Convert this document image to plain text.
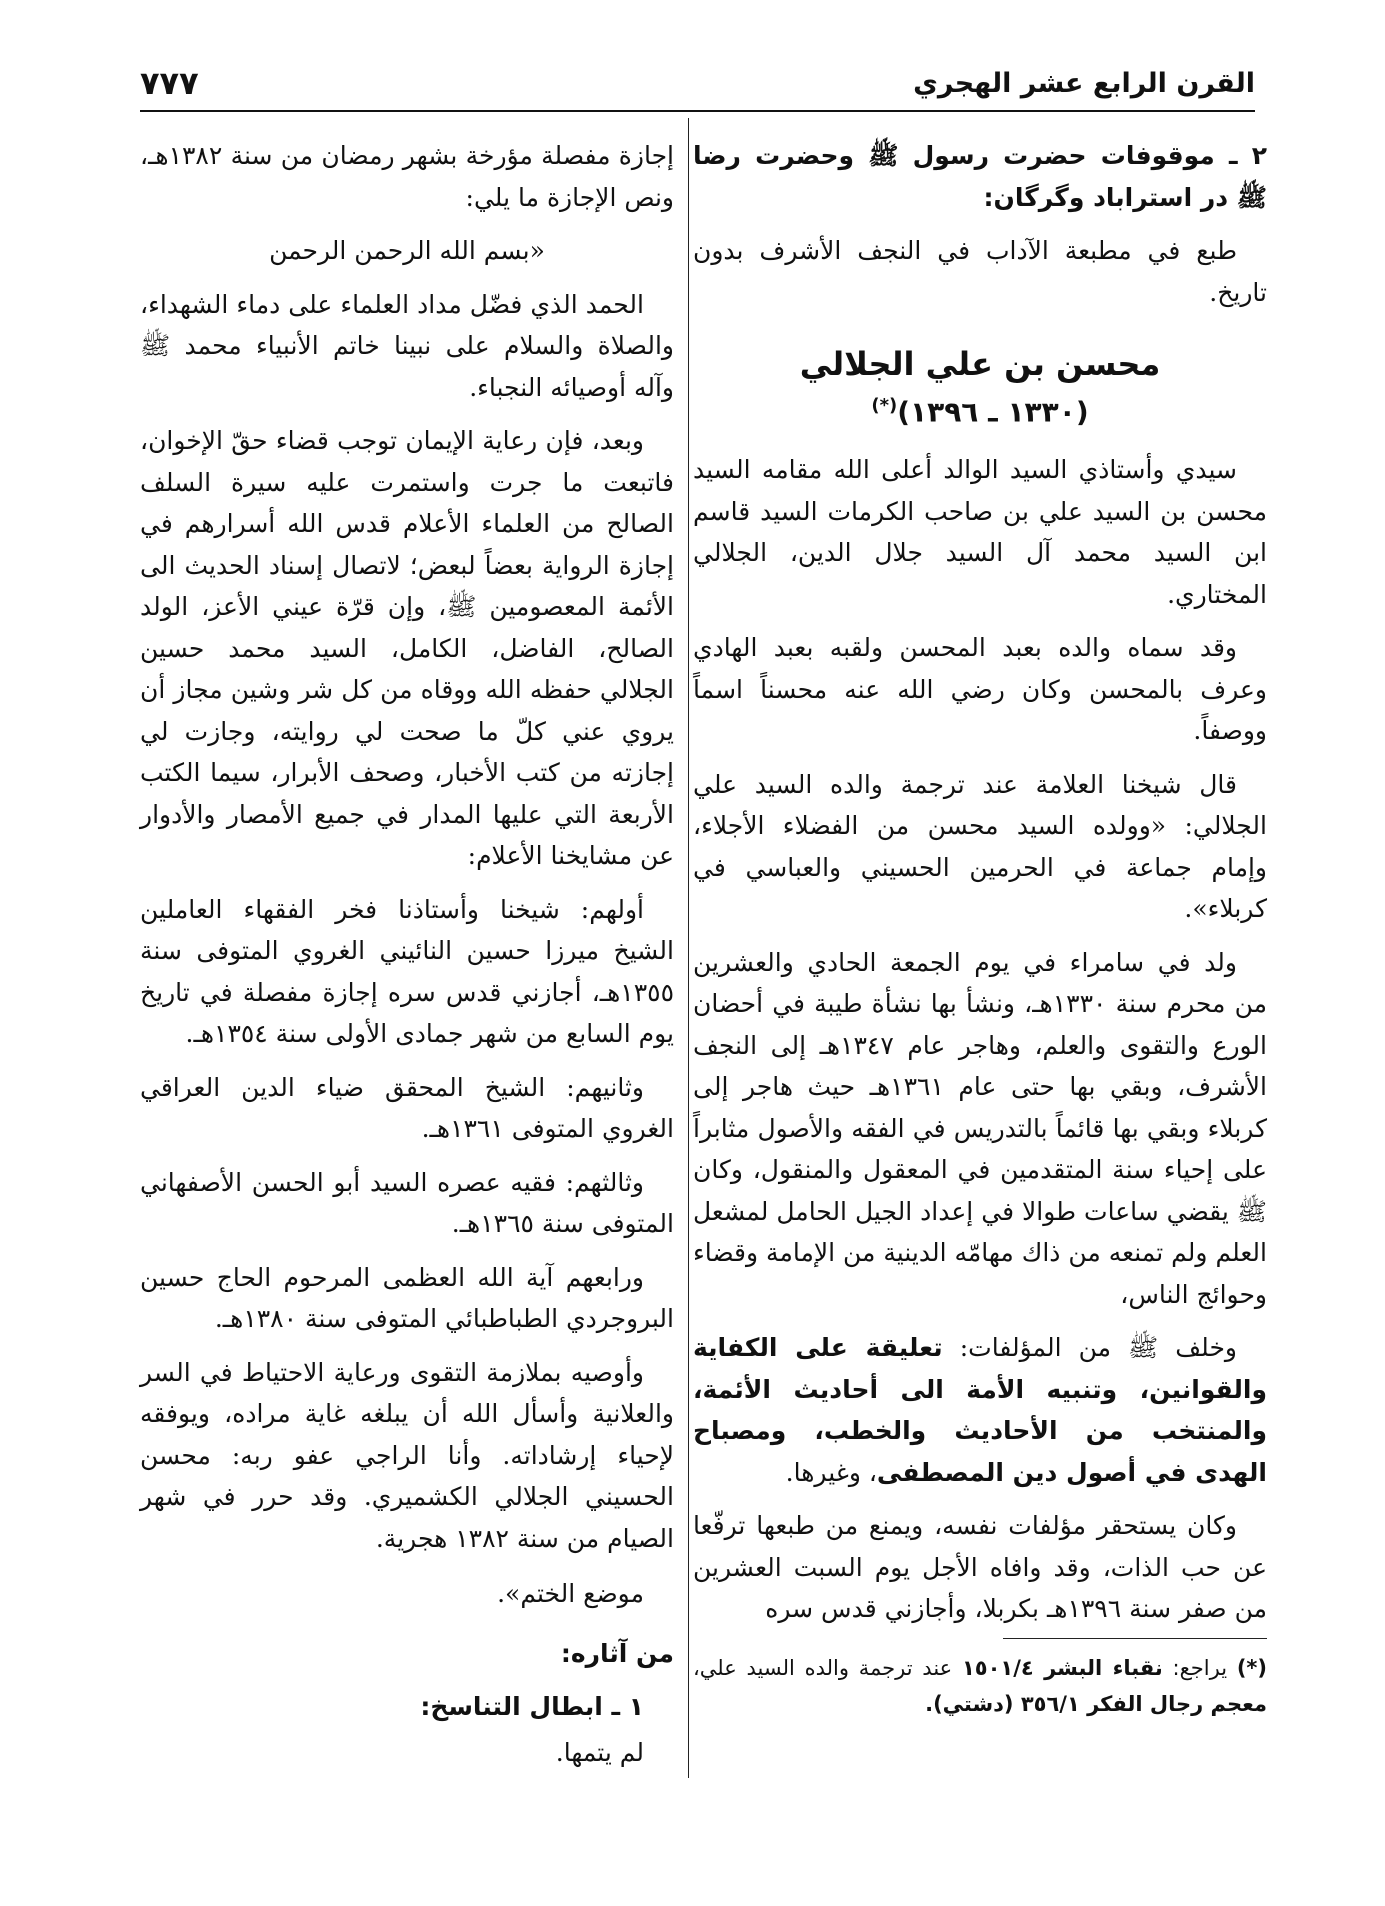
القرن الرابع عشر الهجري
٧٧٧

٢ ـ موقوفات حضرت رسول ﷺ وحضرت رضا ﷺ در استراباد وگرگان:

طبع في مطبعة الآداب في النجف الأشرف بدون تاريخ.

محسن بن علي الجلالي
(١٣٣٠ ـ ١٣٩٦)(*)

سيدي وأستاذي السيد الوالد أعلى الله مقامه السيد محسن بن السيد علي بن صاحب الكرمات السيد قاسم ابن السيد محمد آل السيد جلال الدين، الجلالي المختاري.

وقد سماه والده بعبد المحسن ولقبه بعبد الهادي وعرف بالمحسن وكان رضي الله عنه محسناً اسماً ووصفاً.

قال شيخنا العلامة عند ترجمة والده السيد علي الجلالي: «وولده السيد محسن من الفضلاء الأجلاء، وإمام جماعة في الحرمين الحسيني والعباسي في كربلاء».

ولد في سامراء في يوم الجمعة الحادي والعشرين من محرم سنة ١٣٣٠هـ، ونشأ بها نشأة طيبة في أحضان الورع والتقوى والعلم، وهاجر عام ١٣٤٧هـ إلى النجف الأشرف، وبقي بها حتى عام ١٣٦١هـ حيث هاجر إلى كربلاء وبقي بها قائماً بالتدريس في الفقه والأصول مثابراً على إحياء سنة المتقدمين في المعقول والمنقول، وكان ﷺ يقضي ساعات طوالا في إعداد الجيل الحامل لمشعل العلم ولم تمنعه من ذاك مهامّه الدينية من الإمامة وقضاء وحوائج الناس،

وخلف ﷺ من المؤلفات: تعليقة على الكفاية والقوانين، وتنبيه الأمة الى أحاديث الأئمة، والمنتخب من الأحاديث والخطب، ومصباح الهدى في أصول دين المصطفى، وغيرها.

وكان يستحقر مؤلفات نفسه، ويمنع من طبعها ترفّعا عن حب الذات، وقد وافاه الأجل يوم السبت العشرين من صفر سنة ١٣٩٦هـ بكربلا، وأجازني قدس سره

إجازة مفصلة مؤرخة بشهر رمضان من سنة ١٣٨٢هـ، ونص الإجازة ما يلي:

«بسم الله الرحمن الرحمن

الحمد الذي فضّل مداد العلماء على دماء الشهداء، والصلاة والسلام على نبينا خاتم الأنبياء محمد ﷺ وآله أوصيائه النجباء.

وبعد، فإن رعاية الإيمان توجب قضاء حقّ الإخوان، فاتبعت ما جرت واستمرت عليه سيرة السلف الصالح من العلماء الأعلام قدس الله أسرارهم في إجازة الرواية بعضاً لبعض؛ لاتصال إسناد الحديث الى الأئمة المعصومين ﷺ، وإن قرّة عيني الأعز، الولد الصالح، الفاضل، الكامل، السيد محمد حسين الجلالي حفظه الله ووقاه من كل شر وشين مجاز أن يروي عني كلّ ما صحت لي روايته، وجازت لي إجازته من كتب الأخبار، وصحف الأبرار، سيما الكتب الأربعة التي عليها المدار في جميع الأمصار والأدوار عن مشايخنا الأعلام:

أولهم: شيخنا وأستاذنا فخر الفقهاء العاملين الشيخ ميرزا حسين النائيني الغروي المتوفى سنة ١٣٥٥هـ، أجازني قدس سره إجازة مفصلة في تاريخ يوم السابع من شهر جمادى الأولى سنة ١٣٥٤هـ.

وثانيهم: الشيخ المحقق ضياء الدين العراقي الغروي المتوفى ١٣٦١هـ.

وثالثهم: فقيه عصره السيد أبو الحسن الأصفهاني المتوفى سنة ١٣٦٥هـ.

ورابعهم آية الله العظمى المرحوم الحاج حسين البروجردي الطباطبائي المتوفى سنة ١٣٨٠هـ.

وأوصيه بملازمة التقوى ورعاية الاحتياط في السر والعلانية وأسأل الله أن يبلغه غاية مراده، ويوفقه لإحياء إرشاداته. وأنا الراجي عفو ربه: محسن الحسيني الجلالي الكشميري. وقد حرر في شهر الصيام من سنة ١٣٨٢ هجرية.

موضع الختم».

من آثاره:

١ ـ ابطال التناسخ:

لم يتمها.

(*) يراجع: نقباء البشر ١٥٠١/٤ عند ترجمة والده السيد علي، معجم رجال الفكر ٣٥٦/١ (دشتي).
